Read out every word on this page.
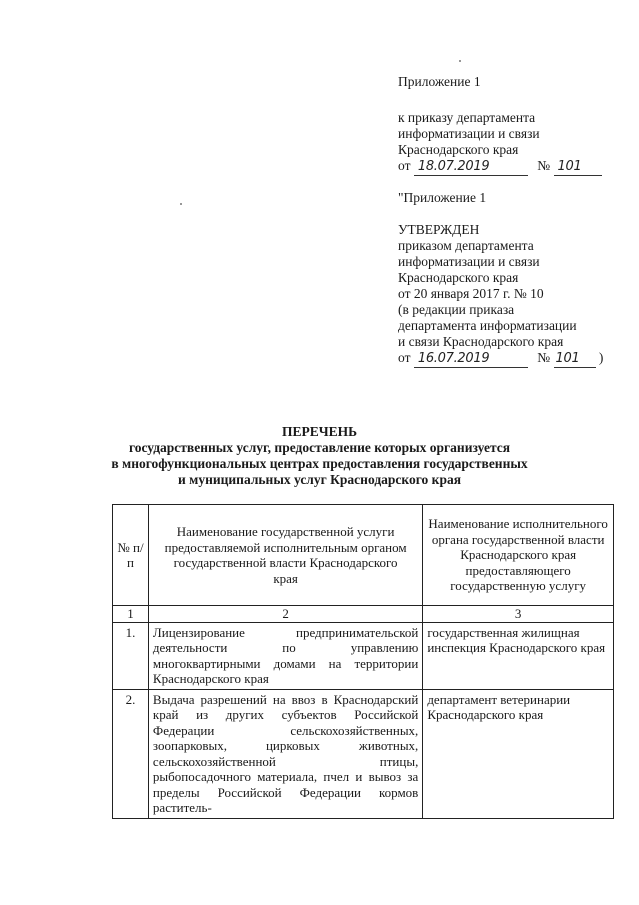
Приложение 1
к приказу департамента
информатизации и связи
Краснодарского края
от 18.07.2019	№ 101
"Приложение 1
УТВЕРЖДЕН
приказом департамента
информатизации и связи
Краснодарского края
от 20 января 2017 г. № 10
(в редакции приказа
департамента информатизации
и связи Краснодарского края
от 16.07.2019	№ 101 )
ПЕРЕЧЕНЬ
государственных услуг, предоставление которых организуется
в многофункциональных центрах предоставления государственных
и муниципальных услуг Краснодарского края
№ п/п	Наименование государственной услуги предоставляемой исполнительным органом государственной власти Краснодарского края	Наименование исполнительного органа государственной власти Краснодарского края предоставляющего государственную услугу
1	2	3
1.	Лицензирование предпринимательской деятельности по управлению многоквартирными домами на территории Краснодарского края	государственная жилищная инспекция Краснодарского края
2.	Выдача разрешений на ввоз в Краснодарский край из других субъектов Российской Федерации сельскохозяйственных, зоопарковых, цирковых животных, сельскохозяйственной птицы, рыбопосадочного материала, пчел и вывоз за пределы Российской Федерации кормов раститель-	департамент ветеринарии Краснодарского края
